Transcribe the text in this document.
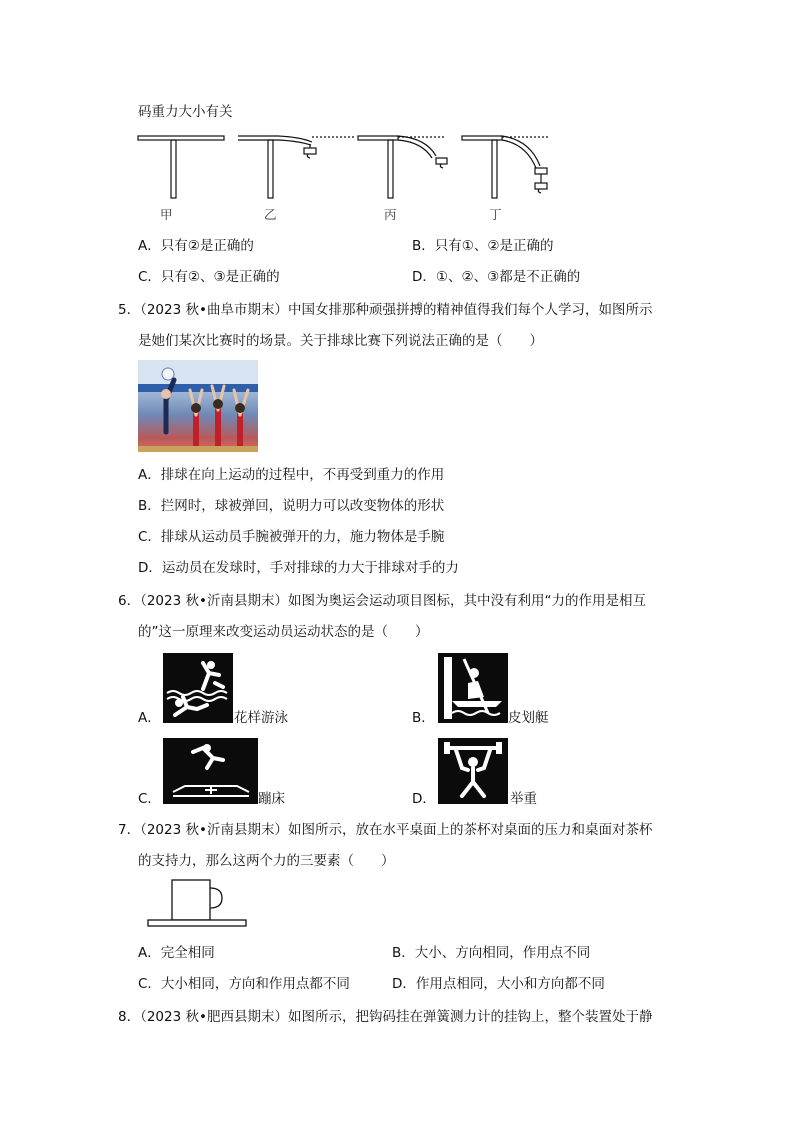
码重力大小有关
甲	乙	丙	丁
A．只有②是正确的	B．只有①、②是正确的
C．只有②、③是正确的	D．①、②、③都是不正确的
5．（2023 秋•曲阜市期末）中国女排那种顽强拼搏的精神值得我们每个人学习，如图所示
是她们某次比赛时的场景。关于排球比赛下列说法正确的是（　　）
A．排球在向上运动的过程中，不再受到重力的作用
B．拦网时，球被弹回，说明力可以改变物体的形状
C．排球从运动员手腕被弹开的力，施力物体是手腕
D．运动员在发球时，手对排球的力大于排球对手的力
6．（2023 秋•沂南县期末）如图为奥运会运动项目图标，其中没有利用“力的作用是相互
的”这一原理来改变运动员运动状态的是（　　）
A．	花样游泳	B．	皮划艇
C．	蹦床	D．	举重
7．（2023 秋•沂南县期末）如图所示，放在水平桌面上的茶杯对桌面的压力和桌面对茶杯
的支持力，那么这两个力的三要素（　　）
A．完全相同	B．大小、方向相同，作用点不同
C．大小相同，方向和作用点都不同	D．作用点相同，大小和方向都不同
8．（2023 秋•肥西县期末）如图所示，把钩码挂在弹簧测力计的挂钩上，整个装置处于静
